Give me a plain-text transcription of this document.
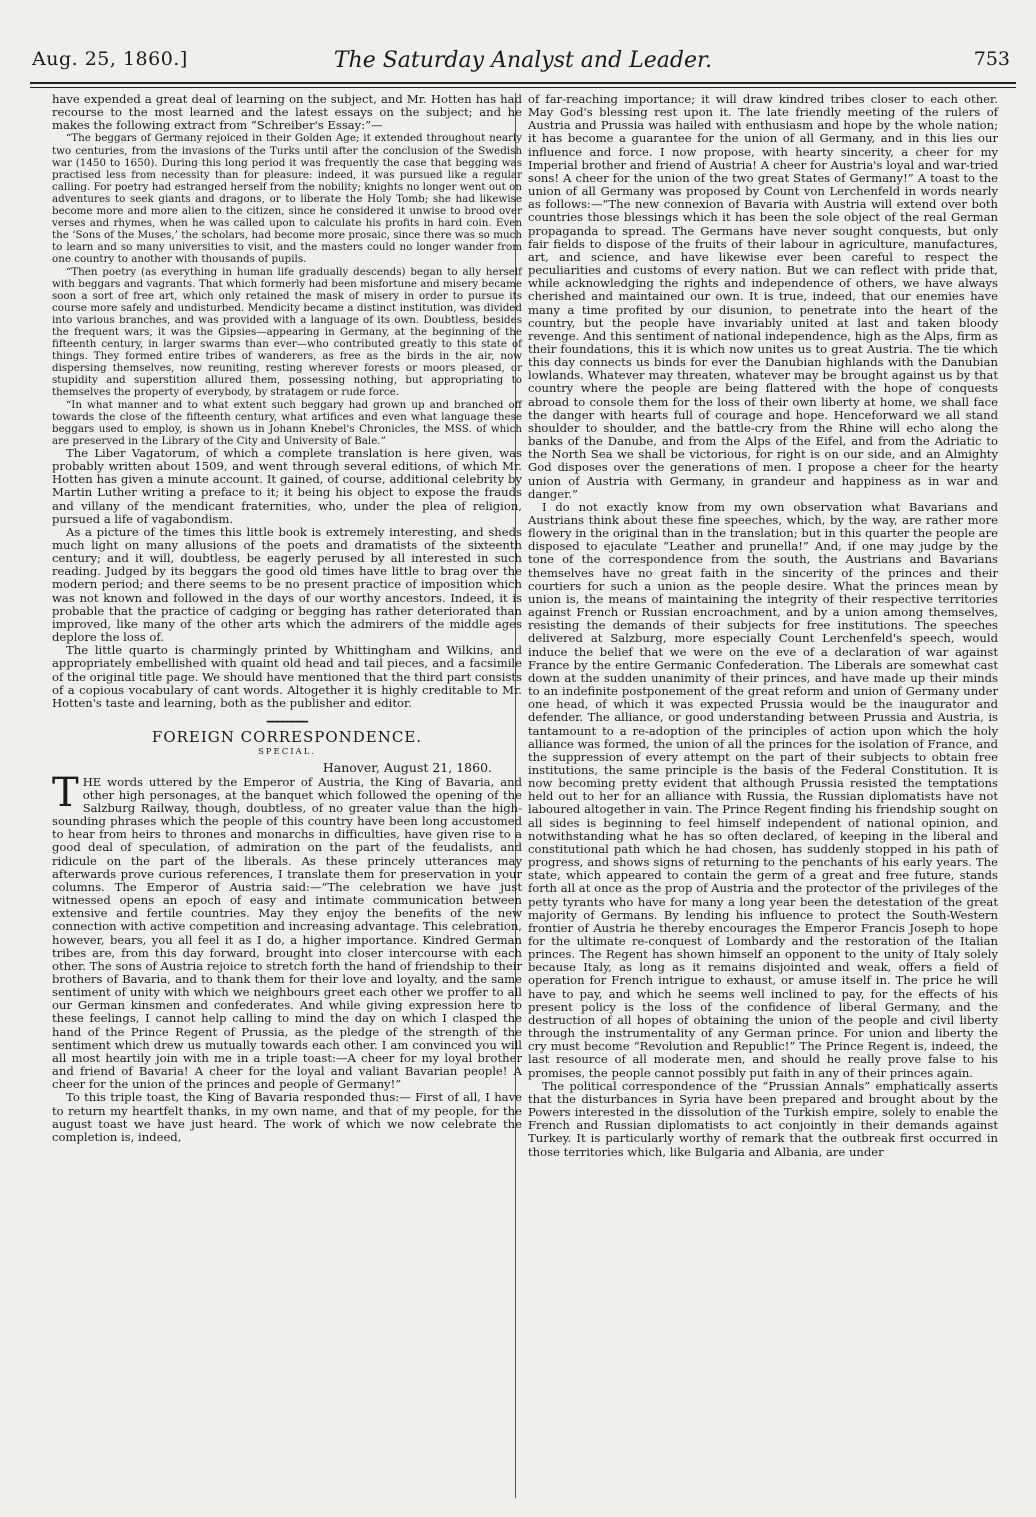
Aug. 25, 1860.]	The Saturday Analyst and Leader.	753

have expended a great deal of learning on the subject, and Mr. Hotten has had recourse to the most learned and the latest essays on the subject; and he makes the following extract from “Schreiber's Essay:”—

“The beggars of Germany rejoiced in their Golden Age; it extended throughout nearly two centuries, from the invasions of the Turks until after the conclusion of the Swedish war (1450 to 1650). During this long period it was frequently the case that begging was practised less from necessity than for pleasure: indeed, it was pursued like a regular calling. For poetry had estranged herself from the nobility; knights no longer went out on adventures to seek giants and dragons, or to liberate the Holy Tomb; she had likewise become more and more alien to the citizen, since he considered it unwise to brood over verses and rhymes, when he was called upon to calculate his profits in hard coin. Even the ‘Sons of the Muses,’ the scholars, had become more prosaic, since there was so much to learn and so many universities to visit, and the masters could no longer wander from one country to another with thousands of pupils.

“Then poetry (as everything in human life gradually descends) began to ally herself with beggars and vagrants. That which formerly had been misfortune and misery became soon a sort of free art, which only retained the mask of misery in order to pursue its course more safely and undisturbed. Mendicity became a distinct institution, was divided into various branches, and was provided with a language of its own. Doubtless, besides the frequent wars, it was the Gipsies—appearing in Germany, at the beginning of the fifteenth century, in larger swarms than ever—who contributed greatly to this state of things. They formed entire tribes of wanderers, as free as the birds in the air, now dispersing themselves, now reuniting, resting wherever forests or moors pleased, or stupidity and superstition allured them, possessing nothing, but appropriating to themselves the property of everybody, by stratagem or rude force.

“In what manner and to what extent such beggary had grown up and branched off towards the close of the fifteenth century, what artifices and even what language these beggars used to employ, is shown us in Johann Knebel's Chronicles, the MSS. of which are preserved in the Library of the City and University of Bale.”

The Liber Vagatorum, of which a complete translation is here given, was probably written about 1509, and went through several editions, of which Mr. Hotten has given a minute account. It gained, of course, additional celebrity by Martin Luther writing a preface to it; it being his object to expose the frauds and villany of the mendicant fraternities, who, under the plea of religion, pursued a life of vagabondism.

As a picture of the times this little book is extremely interesting, and sheds much light on many allusions of the poets and dramatists of the sixteenth century; and it will, doubtless, be eagerly perused by all interested in such reading. Judged by its beggars the good old times have little to brag over the modern period; and there seems to be no present practice of imposition which was not known and followed in the days of our worthy ancestors. Indeed, it is probable that the practice of cadging or begging has rather deteriorated than improved, like many of the other arts which the admirers of the middle ages deplore the loss of.

The little quarto is charmingly printed by Whittingham and Wilkins, and appropriately embellished with quaint old head and tail pieces, and a facsimile of the original title page. We should have mentioned that the third part consists of a copious vocabulary of cant words. Altogether it is highly creditable to Mr. Hotten's taste and learning, both as the publisher and editor.

━━━━━━━━
FOREIGN CORRESPONDENCE.
SPECIAL.
Hanover, August 21, 1860.

THE words uttered by the Emperor of Austria, the King of Bavaria, and other high personages, at the banquet which followed the opening of the Salzburg Railway, though, doubtless, of no greater value than the high-sounding phrases which the people of this country have been long accustomed to hear from heirs to thrones and monarchs in difficulties, have given rise to a good deal of speculation, of admiration on the part of the feudalists, and ridicule on the part of the liberals. As these princely utterances may afterwards prove curious references, I translate them for preservation in your columns. The Emperor of Austria said:—“The celebration we have just witnessed opens an epoch of easy and intimate communication between extensive and fertile countries. May they enjoy the benefits of the new connection with active competition and increasing advantage. This celebration, however, bears, you all feel it as I do, a higher importance. Kindred German tribes are, from this day forward, brought into closer intercourse with each other. The sons of Austria rejoice to stretch forth the hand of friendship to their brothers of Bavaria, and to thank them for their love and loyalty, and the same sentiment of unity with which we neighbours greet each other we proffer to all our German kinsmen and confederates. And while giving expression here to these feelings, I cannot help calling to mind the day on which I clasped the hand of the Prince Regent of Prussia, as the pledge of the strength of the sentiment which drew us mutually towards each other. I am convinced you will all most heartily join with me in a triple toast:—A cheer for my loyal brother and friend of Bavaria! A cheer for the loyal and valiant Bavarian people! A cheer for the union of the princes and people of Germany!”

To this triple toast, the King of Bavaria responded thus:— First of all, I have to return my heartfelt thanks, in my own name, and that of my people, for the august toast we have just heard. The work of which we now celebrate the completion is, indeed,

of far-reaching importance; it will draw kindred tribes closer to each other. May God's blessing rest upon it. The late friendly meeting of the rulers of Austria and Prussia was hailed with enthusiasm and hope by the whole nation; it has become a guarantee for the union of all Germany, and in this lies our influence and force. I now propose, with hearty sincerity, a cheer for my Imperial brother and friend of Austria! A cheer for Austria's loyal and war-tried sons! A cheer for the union of the two great States of Germany!” A toast to the union of all Germany was proposed by Count von Lerchenfeld in words nearly as follows:—“The new connexion of Bavaria with Austria will extend over both countries those blessings which it has been the sole object of the real German propaganda to spread. The Germans have never sought conquests, but only fair fields to dispose of the fruits of their labour in agriculture, manufactures, art, and science, and have likewise ever been careful to respect the peculiarities and customs of every nation. But we can reflect with pride that, while acknowledging the rights and independence of others, we have always cherished and maintained our own. It is true, indeed, that our enemies have many a time profited by our disunion, to penetrate into the heart of the country, but the people have invariably united at last and taken bloody revenge. And this sentiment of national independence, high as the Alps, firm as their foundations, this it is which now unites us to great Austria. The tie which this day connects us binds for ever the Danubian highlands with the Danubian lowlands. Whatever may threaten, whatever may be brought against us by that country where the people are being flattered with the hope of conquests abroad to console them for the loss of their own liberty at home, we shall face the danger with hearts full of courage and hope. Henceforward we all stand shoulder to shoulder, and the battle-cry from the Rhine will echo along the banks of the Danube, and from the Alps of the Eifel, and from the Adriatic to the North Sea we shall be victorious, for right is on our side, and an Almighty God disposes over the generations of men. I propose a cheer for the hearty union of Austria with Germany, in grandeur and happiness as in war and danger.”

I do not exactly know from my own observation what Bavarians and Austrians think about these fine speeches, which, by the way, are rather more flowery in the original than in the translation; but in this quarter the people are disposed to ejaculate “Leather and prunella!” And, if one may judge by the tone of the correspondence from the south, the Austrians and Bavarians themselves have no great faith in the sincerity of the princes and their courtiers for such a union as the people desire. What the princes mean by union is, the means of maintaining the integrity of their respective territories against French or Russian encroachment, and by a union among themselves, resisting the demands of their subjects for free institutions. The speeches delivered at Salzburg, more especially Count Lerchenfeld's speech, would induce the belief that we were on the eve of a declaration of war against France by the entire Germanic Confederation. The Liberals are somewhat cast down at the sudden unanimity of their princes, and have made up their minds to an indefinite postponement of the great reform and union of Germany under one head, of which it was expected Prussia would be the inaugurator and defender. The alliance, or good understanding between Prussia and Austria, is tantamount to a re-adoption of the principles of action upon which the holy alliance was formed, the union of all the princes for the isolation of France, and the suppression of every attempt on the part of their subjects to obtain free institutions, the same principle is the basis of the Federal Constitution. It is now becoming pretty evident that although Prussia resisted the temptations held out to her for an alliance with Russia, the Russian diplomatists have not laboured altogether in vain. The Prince Regent finding his friendship sought on all sides is beginning to feel himself independent of national opinion, and notwithstanding what he has so often declared, of keeping in the liberal and constitutional path which he had chosen, has suddenly stopped in his path of progress, and shows signs of returning to the penchants of his early years. The state, which appeared to contain the germ of a great and free future, stands forth all at once as the prop of Austria and the protector of the privileges of the petty tyrants who have for many a long year been the detestation of the great majority of Germans. By lending his influence to protect the South-Western frontier of Austria he thereby encourages the Emperor Francis Joseph to hope for the ultimate re-conquest of Lombardy and the restoration of the Italian princes. The Regent has shown himself an opponent to the unity of Italy solely because Italy, as long as it remains disjointed and weak, offers a field of operation for French intrigue to exhaust, or amuse itself in. The price he will have to pay, and which he seems well inclined to pay, for the effects of his present policy is the loss of the confidence of liberal Germany, and the destruction of all hopes of obtaining the union of the people and civil liberty through the instrumentality of any German prince. For union and liberty the cry must become “Revolution and Republic!” The Prince Regent is, indeed, the last resource of all moderate men, and should he really prove false to his promises, the people cannot possibly put faith in any of their princes again.

The political correspondence of the “Prussian Annals” emphatically asserts that the disturbances in Syria have been prepared and brought about by the Powers interested in the dissolution of the Turkish empire, solely to enable the French and Russian diplomatists to act conjointly in their demands against Turkey. It is particularly worthy of remark that the outbreak first occurred in those territories which, like Bulgaria and Albania, are under
